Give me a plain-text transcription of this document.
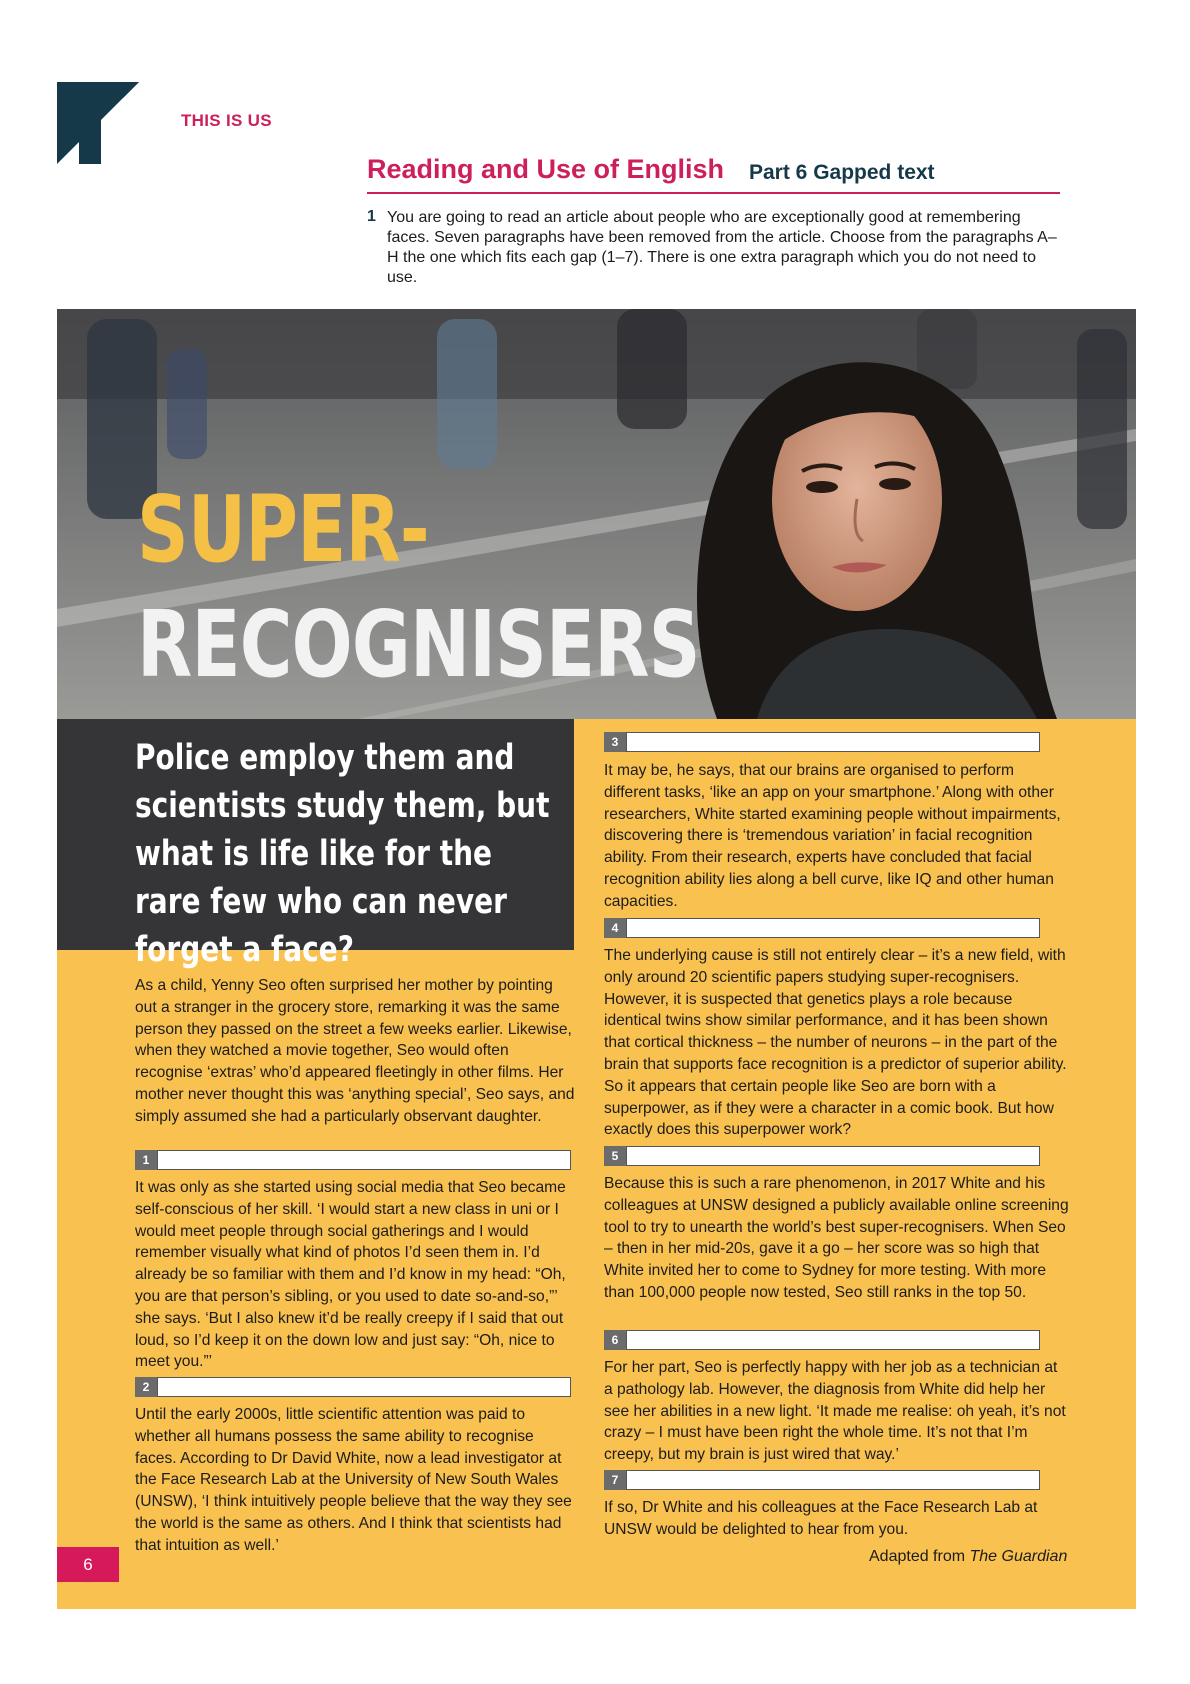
THIS IS US
Reading and Use of English Part 6 Gapped text
1 You are going to read an article about people who are exceptionally good at remembering faces. Seven paragraphs have been removed from the article. Choose from the paragraphs A–H the one which fits each gap (1–7). There is one extra paragraph which you do not need to use.
SUPER-
RECOGNISERS
Police employ them and scientists study them, but what is life like for the rare few who can never forget a face?

As a child, Yenny Seo often surprised her mother by pointing out a stranger in the grocery store, remarking it was the same person they passed on the street a few weeks earlier. Likewise, when they watched a movie together, Seo would often recognise ‘extras’ who’d appeared fleetingly in other films. Her mother never thought this was ‘anything special’, Seo says, and simply assumed she had a particularly observant daughter.

1

It was only as she started using social media that Seo became self-conscious of her skill. ‘I would start a new class in uni or I would meet people through social gatherings and I would remember visually what kind of photos I’d seen them in. I’d already be so familiar with them and I’d know in my head: “Oh, you are that person’s sibling, or you used to date so-and-so,”’ she says. ‘But I also knew it’d be really creepy if I said that out loud, so I’d keep it on the down low and just say: “Oh, nice to meet you.”’

2

Until the early 2000s, little scientific attention was paid to whether all humans possess the same ability to recognise faces. According to Dr David White, now a lead investigator at the Face Research Lab at the University of New South Wales (UNSW), ‘I think intuitively people believe that the way they see the world is the same as others. And I think that scientists had that intuition as well.’

3

It may be, he says, that our brains are organised to perform different tasks, ‘like an app on your smartphone.’ Along with other researchers, White started examining people without impairments, discovering there is ‘tremendous variation’ in facial recognition ability. From their research, experts have concluded that facial recognition ability lies along a bell curve, like IQ and other human capacities.

4

The underlying cause is still not entirely clear – it’s a new field, with only around 20 scientific papers studying super-recognisers. However, it is suspected that genetics plays a role because identical twins show similar performance, and it has been shown that cortical thickness – the number of neurons – in the part of the brain that supports face recognition is a predictor of superior ability. So it appears that certain people like Seo are born with a superpower, as if they were a character in a comic book. But how exactly does this superpower work?

5

Because this is such a rare phenomenon, in 2017 White and his colleagues at UNSW designed a publicly available online screening tool to try to unearth the world’s best super-recognisers. When Seo – then in her mid-20s, gave it a go – her score was so high that White invited her to come to Sydney for more testing. With more than 100,000 people now tested, Seo still ranks in the top 50.

6

For her part, Seo is perfectly happy with her job as a technician at a pathology lab. However, the diagnosis from White did help her see her abilities in a new light. ‘It made me realise: oh yeah, it’s not crazy – I must have been right the whole time. It’s not that I’m creepy, but my brain is just wired that way.’

7

If so, Dr White and his colleagues at the Face Research Lab at UNSW would be delighted to hear from you.

Adapted from The Guardian
6
